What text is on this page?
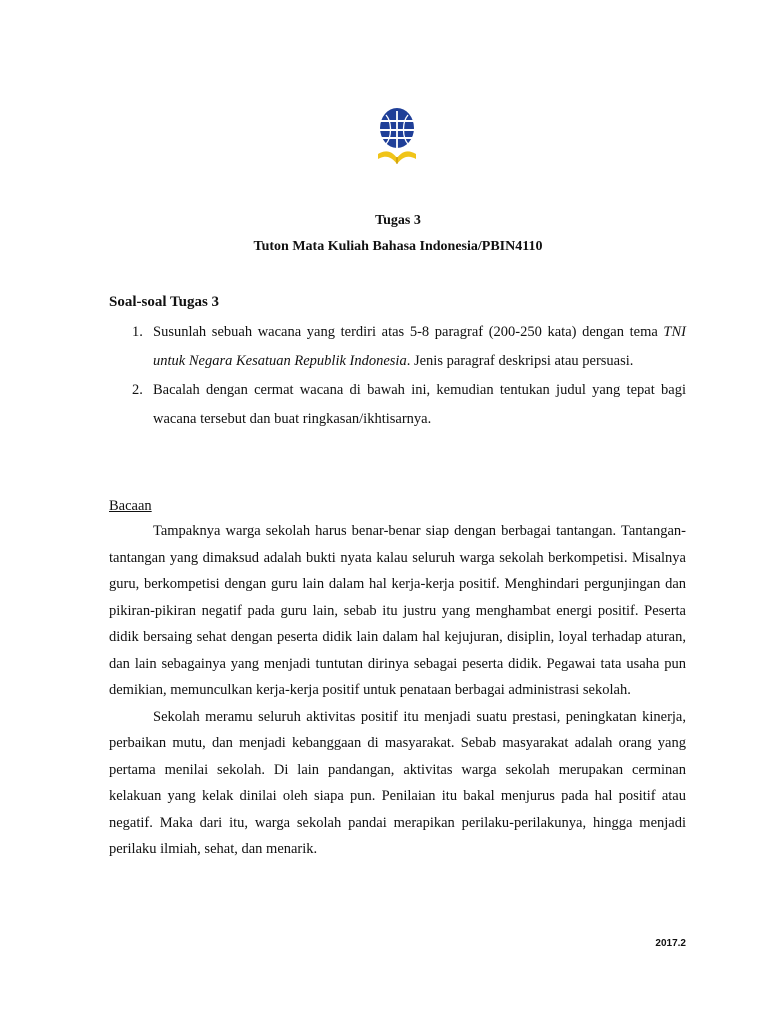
Tugas 3
Tuton Mata Kuliah Bahasa Indonesia/PBIN4110
Soal-soal Tugas 3
1. Susunlah sebuah wacana yang terdiri atas 5-8 paragraf (200-250 kata) dengan tema TNI untuk Negara Kesatuan Republik Indonesia. Jenis paragraf deskripsi atau persuasi.
2. Bacalah dengan cermat wacana di bawah ini, kemudian tentukan judul yang tepat bagi wacana tersebut dan buat ringkasan/ikhtisarnya.
Bacaan

Tampaknya warga sekolah harus benar-benar siap dengan berbagai tantangan. Tantangan-tantangan yang dimaksud adalah bukti nyata kalau seluruh warga sekolah berkompetisi. Misalnya guru, berkompetisi dengan guru lain dalam hal kerja-kerja positif. Menghindari pergunjingan dan pikiran-pikiran negatif pada guru lain, sebab itu justru yang menghambat energi positif. Peserta didik bersaing sehat dengan peserta didik lain dalam hal kejujuran, disiplin, loyal terhadap aturan, dan lain sebagainya yang menjadi tuntutan dirinya sebagai peserta didik. Pegawai tata usaha pun demikian, memunculkan kerja-kerja positif untuk penataan berbagai administrasi sekolah.

Sekolah meramu seluruh aktivitas positif itu menjadi suatu prestasi, peningkatan kinerja, perbaikan mutu, dan menjadi kebanggaan di masyarakat. Sebab masyarakat adalah orang yang pertama menilai sekolah. Di lain pandangan, aktivitas warga sekolah merupakan cerminan kelakuan yang kelak dinilai oleh siapa pun. Penilaian itu bakal menjurus pada hal positif atau negatif. Maka dari itu, warga sekolah pandai merapikan perilaku-perilakunya, hingga menjadi perilaku ilmiah, sehat, dan menarik.

2017.2
